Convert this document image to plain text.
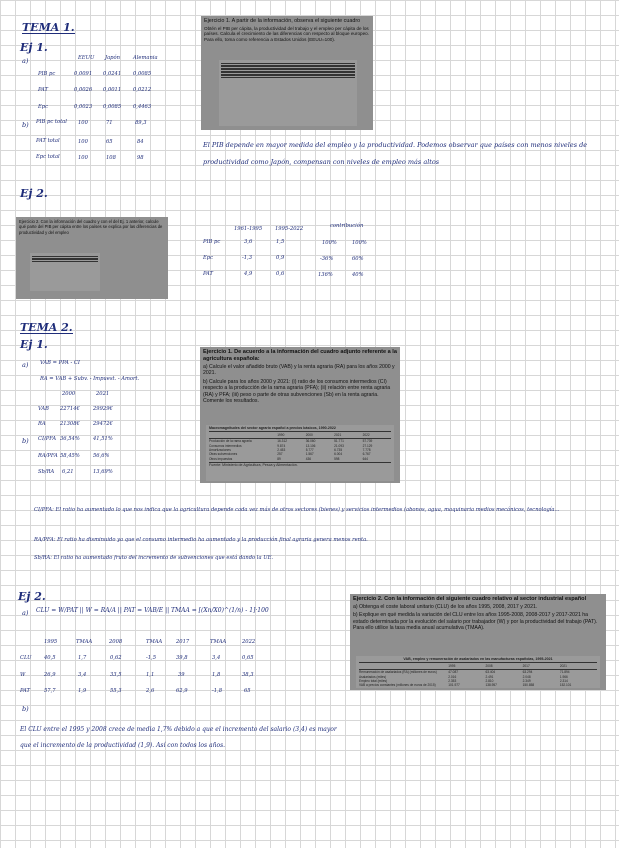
TEMA 1.
Ej 1.
a)	EEUU Japón	Alemania
PIB pc	0,0091 0,0241 0,0085
PAT	0,0026 0,0011 0,0212
Epc	0,0023 0,0085 0,4463
b) PIB pc total 100	71	89,3
PAT total	100	65	84
Epc total	100	108	98
Ejercicio 1. A partir de la información, observa el siguiente cuadro
Obtén el PIB per cápita, la productividad del trabajo y el empleo per cápita de los países. Calcula el crecimiento de las diferencias con respecto al bloque europeo. Para ello, toma como referencia a Estados Unidos (EEUU=100).
El PIB depende en mayor medida del empleo y la productividad. Podemos observar que países con menos niveles de productividad como Japón, compensan con niveles de empleo más altos
Ej 2.
Ejercicio 2. Con la información del cuadro y con el del Ej. 1 anterior, calcule qué parte del PIB per cápita entre los países se explica por las diferencias de productividad y del empleo	1961-1995 1995-2022	contribución
PIB pc	3,6	1,5	100%	100%
Epc	-1,3	0,9	-36%	60%
PAT	4,9	0,6	136%	40%
TEMA 2.
Ej 1.
a) VAB = PPA - CI
RA = VAB + Subv. - Impuest. - Amort.
2000	2021
VAB 22714€	29929€
RA	21308€	29472€
b) CI/PFA 36,54%	41,51%
RA/PFA 58,45%	56,6%
Sb/RA 6,21	13,69%
Ejercicio 1. De acuerdo a la información del cuadro adjunto referente a la agricultura española:
a) Calcule el valor añadido bruto (VAB) y la renta agraria (RA) para los años 2000 y 2021.
b) Calcule para los años 2000 y 2021: (i) ratio de los consumos intermedios (CI) respecto a la producción de la rama agraria (PFA); (ii) relación entre renta agraria (RA) y PFA; (iii) peso o parte de otras subvenciones (Sb) en la renta agraria. Comente los resultados.
Macromagnitudes del sector agrario español a precios básicos, 1990-2022
1990	2000	2021	2022
Producción de la rama agraria	16.312	36.060	51.771	57.739
Consumos intermedios	9.874	13.106	21.093	27.129
Amortizaciones	2.453	5.777	6.735	7.778
Otras subvenciones	257	1.567	6.004	6.767
Otros impuestos	89	436	598	644
Fuente: Ministerio de Agricultura, Pesca y Alimentación.
CI/PFA: El ratio ha aumentado lo que nos indica que la agricultura depende cada vez más de otros sectores (bienes) y servicios intermedios (abonos, agua, maquinaria medios mecánicos, tecnología...
RA/PFA: El ratio ha disminuido ya que el consumo intermedio ha aumentado y la producción final agraria genera menos renta.
Sb/RA: El ratio ha aumentado fruto del incremento de subvenciones que está dando la UE.
Ej 2.
a) CLU = W/PAT || W = RA/A || PAT = VAB/E || TMAA = [(Xn/X0)^(1/n) - 1]·100
1995	TMAA	2008	TMAA	2017	TMAA	2022
CLU 40,5	1,7	0,62	-1,5	39,8	3,4	0,65
W	26,9	3,4	33,5	1,1	39	1,8	38,3
PAT	57,7	1,9	55,3	2,6	62,9	-1,8	65
Ejercicio 2. Con la información del siguiente cuadro relativo al sector industrial español
a) Obtenga el coste laboral unitario (CLU) de los años 1995, 2008, 2017 y 2021.
b) Explique en qué medida la variación del CLU entre los años 1995-2008, 2008-2017 y 2017-2021 ha estado determinada por la evolución del salario por trabajador (W) y por la productividad del trabajo (PAT). Para ello utilice la tasa media anual acumulativa (TMAA).
VAB, empleo y remuneración de asalariados en las manufacturas españolas, 1995-2021
1995	2008	2017	2021
Remuneración de asalariados (RA) (millones de euros)	47.087	63.404	63.294	71.894
Asalariados (miles)	2.016	2.491	2.048	1.966
Empleo total (miles)	2.353	2.810	2.349	2.314
VAB a precios constantes (millones de euros de 2015)	101.977	138.957	150.858	152.101
b)
El CLU entre el 1995 y 2008 crece de media 1,7% debido a que el incremento del salario (3,4) es mayor que el incremento de la productividad (1,9). Así con todos los años.
